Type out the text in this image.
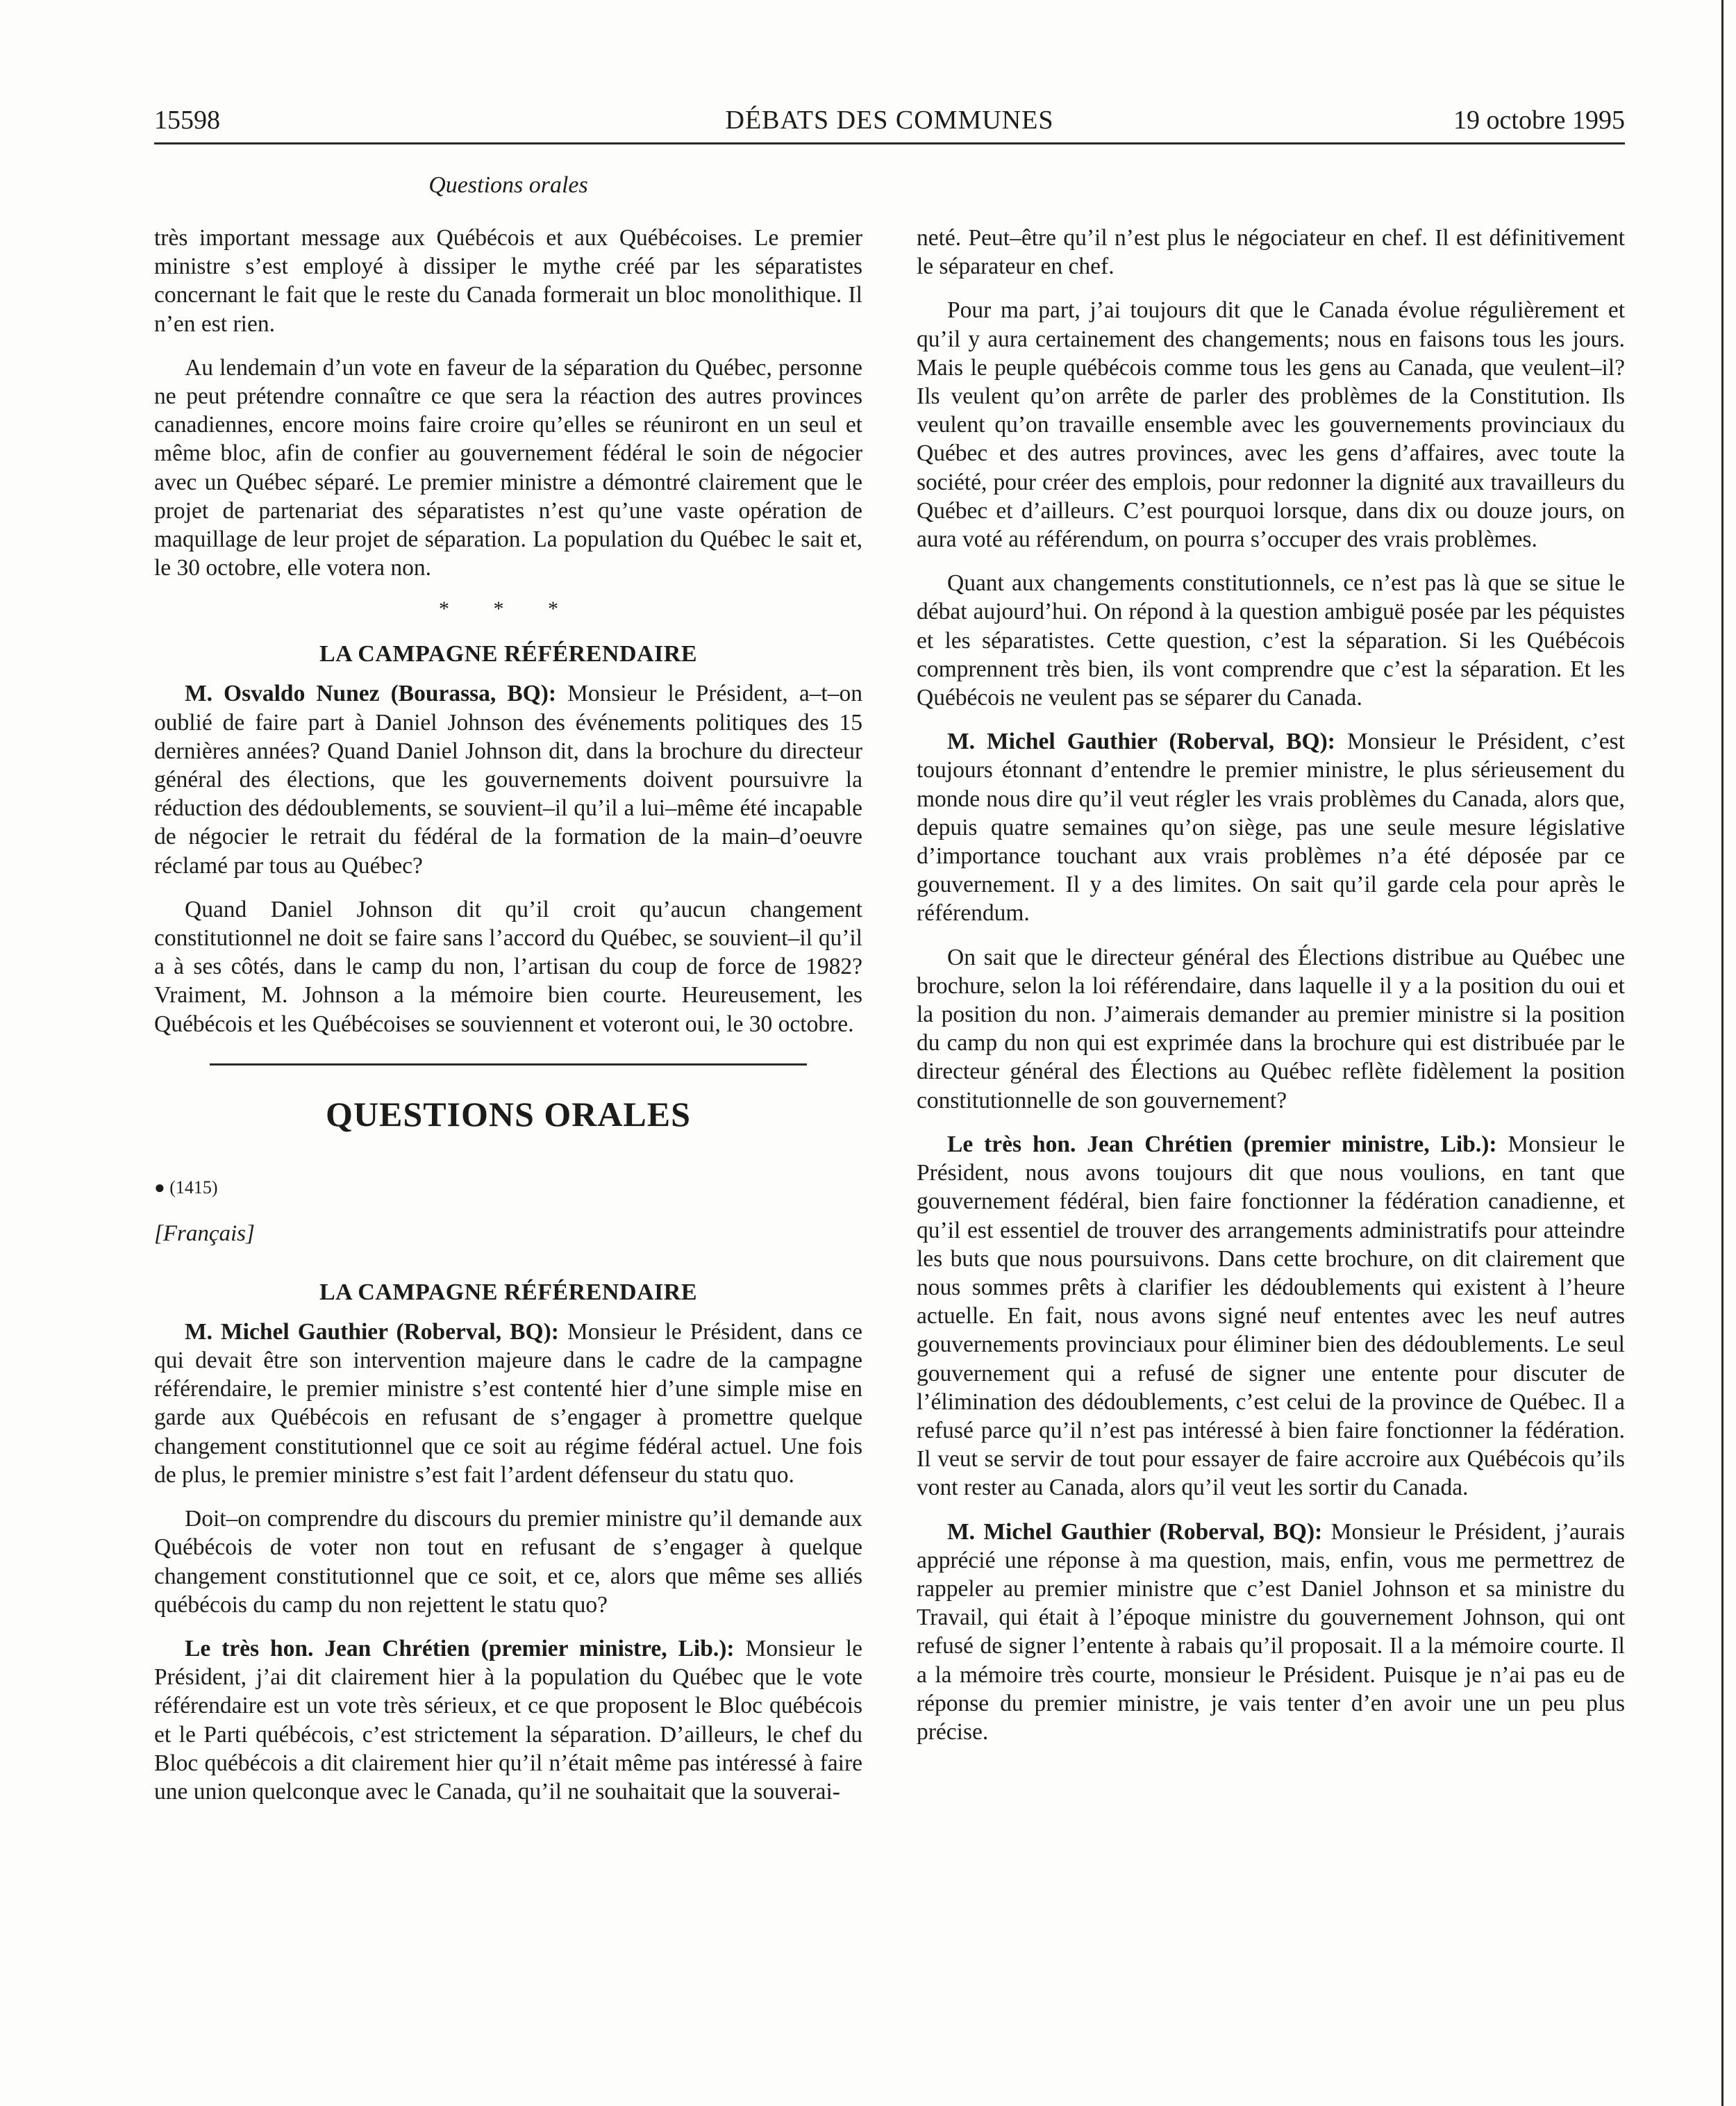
15598	DÉBATS DES COMMUNES	19 octobre 1995
Questions orales

très important message aux Québécois et aux Québécoises. Le premier ministre s’est employé à dissiper le mythe créé par les séparatistes concernant le fait que le reste du Canada formerait un bloc monolithique. Il n’en est rien.

Au lendemain d’un vote en faveur de la séparation du Québec, personne ne peut prétendre connaître ce que sera la réaction des autres provinces canadiennes, encore moins faire croire qu’elles se réuniront en un seul et même bloc, afin de confier au gouvernement fédéral le soin de négocier avec un Québec séparé. Le premier ministre a démontré clairement que le projet de partenariat des séparatistes n’est qu’une vaste opération de maquillage de leur projet de séparation. La population du Québec le sait et, le 30 octobre, elle votera non.

* * *
LA CAMPAGNE RÉFÉRENDAIRE

M. Osvaldo Nunez (Bourassa, BQ): Monsieur le Président, a–t–on oublié de faire part à Daniel Johnson des événements politiques des 15 dernières années? Quand Daniel Johnson dit, dans la brochure du directeur général des élections, que les gouvernements doivent poursuivre la réduction des dédoublements, se souvient–il qu’il a lui–même été incapable de négocier le retrait du fédéral de la formation de la main–d’oeuvre réclamé par tous au Québec?

Quand Daniel Johnson dit qu’il croit qu’aucun changement constitutionnel ne doit se faire sans l’accord du Québec, se souvient–il qu’il a à ses côtés, dans le camp du non, l’artisan du coup de force de 1982? Vraiment, M. Johnson a la mémoire bien courte. Heureusement, les Québécois et les Québécoises se souviennent et voteront oui, le 30 octobre.

QUESTIONS ORALES
● (1415)
[Français]
LA CAMPAGNE RÉFÉRENDAIRE

M. Michel Gauthier (Roberval, BQ): Monsieur le Président, dans ce qui devait être son intervention majeure dans le cadre de la campagne référendaire, le premier ministre s’est contenté hier d’une simple mise en garde aux Québécois en refusant de s’engager à promettre quelque changement constitutionnel que ce soit au régime fédéral actuel. Une fois de plus, le premier ministre s’est fait l’ardent défenseur du statu quo.

Doit–on comprendre du discours du premier ministre qu’il demande aux Québécois de voter non tout en refusant de s’engager à quelque changement constitutionnel que ce soit, et ce, alors que même ses alliés québécois du camp du non rejettent le statu quo?

Le très hon. Jean Chrétien (premier ministre, Lib.): Monsieur le Président, j’ai dit clairement hier à la population du Québec que le vote référendaire est un vote très sérieux, et ce que proposent le Bloc québécois et le Parti québécois, c’est strictement la séparation. D’ailleurs, le chef du Bloc québécois a dit clairement hier qu’il n’était même pas intéressé à faire une union quelconque avec le Canada, qu’il ne souhaitait que la souverai-

neté. Peut–être qu’il n’est plus le négociateur en chef. Il est définitivement le séparateur en chef.

Pour ma part, j’ai toujours dit que le Canada évolue régulièrement et qu’il y aura certainement des changements; nous en faisons tous les jours. Mais le peuple québécois comme tous les gens au Canada, que veulent–il? Ils veulent qu’on arrête de parler des problèmes de la Constitution. Ils veulent qu’on travaille ensemble avec les gouvernements provinciaux du Québec et des autres provinces, avec les gens d’affaires, avec toute la société, pour créer des emplois, pour redonner la dignité aux travailleurs du Québec et d’ailleurs. C’est pourquoi lorsque, dans dix ou douze jours, on aura voté au référendum, on pourra s’occuper des vrais problèmes.

Quant aux changements constitutionnels, ce n’est pas là que se situe le débat aujourd’hui. On répond à la question ambiguë posée par les péquistes et les séparatistes. Cette question, c’est la séparation. Si les Québécois comprennent très bien, ils vont comprendre que c’est la séparation. Et les Québécois ne veulent pas se séparer du Canada.

M. Michel Gauthier (Roberval, BQ): Monsieur le Président, c’est toujours étonnant d’entendre le premier ministre, le plus sérieusement du monde nous dire qu’il veut régler les vrais problèmes du Canada, alors que, depuis quatre semaines qu’on siège, pas une seule mesure législative d’importance touchant aux vrais problèmes n’a été déposée par ce gouvernement. Il y a des limites. On sait qu’il garde cela pour après le référendum.

On sait que le directeur général des Élections distribue au Québec une brochure, selon la loi référendaire, dans laquelle il y a la position du oui et la position du non. J’aimerais demander au premier ministre si la position du camp du non qui est exprimée dans la brochure qui est distribuée par le directeur général des Élections au Québec reflète fidèlement la position constitutionnelle de son gouvernement?

Le très hon. Jean Chrétien (premier ministre, Lib.): Monsieur le Président, nous avons toujours dit que nous voulions, en tant que gouvernement fédéral, bien faire fonctionner la fédération canadienne, et qu’il est essentiel de trouver des arrangements administratifs pour atteindre les buts que nous poursuivons. Dans cette brochure, on dit clairement que nous sommes prêts à clarifier les dédoublements qui existent à l’heure actuelle. En fait, nous avons signé neuf ententes avec les neuf autres gouvernements provinciaux pour éliminer bien des dédoublements. Le seul gouvernement qui a refusé de signer une entente pour discuter de l’élimination des dédoublements, c’est celui de la province de Québec. Il a refusé parce qu’il n’est pas intéressé à bien faire fonctionner la fédération. Il veut se servir de tout pour essayer de faire accroire aux Québécois qu’ils vont rester au Canada, alors qu’il veut les sortir du Canada.

M. Michel Gauthier (Roberval, BQ): Monsieur le Président, j’aurais apprécié une réponse à ma question, mais, enfin, vous me permettrez de rappeler au premier ministre que c’est Daniel Johnson et sa ministre du Travail, qui était à l’époque ministre du gouvernement Johnson, qui ont refusé de signer l’entente à rabais qu’il proposait. Il a la mémoire courte. Il a la mémoire très courte, monsieur le Président. Puisque je n’ai pas eu de réponse du premier ministre, je vais tenter d’en avoir une un peu plus précise.
